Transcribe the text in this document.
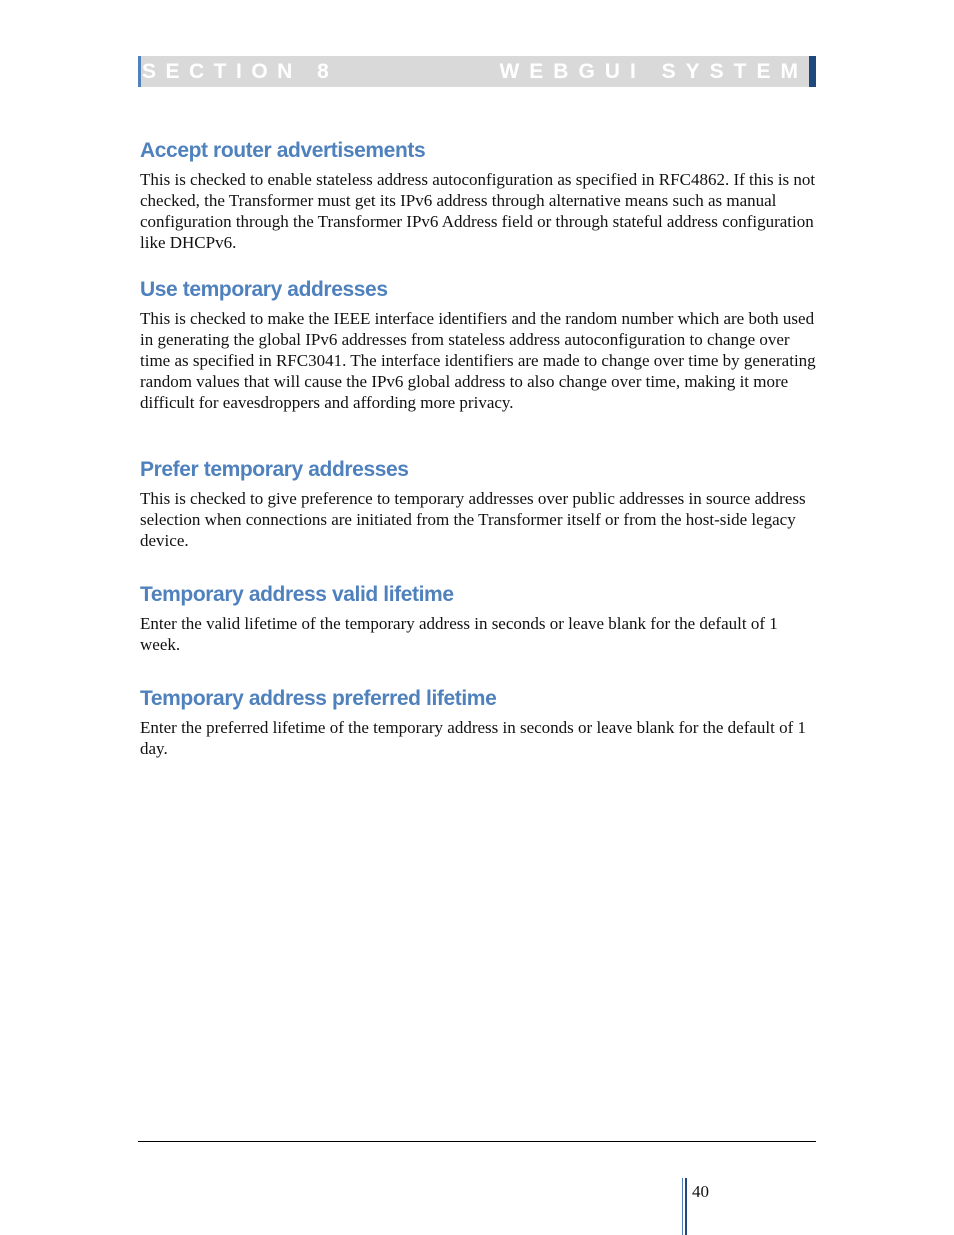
SECTION 8	WEBGUI SYSTEM
Accept router advertisements

This is checked to enable stateless address autoconfiguration as specified in RFC4862. If this is not checked, the Transformer must get its IPv6 address through alternative means such as manual configuration through the Transformer IPv6 Address field or through stateful address configuration like DHCPv6.

Use temporary addresses

This is checked to make the IEEE interface identifiers and the random number which are both used in generating the global IPv6 addresses from stateless address autoconfiguration to change over time as specified in RFC3041. The interface identifiers are made to change over time by generating random values that will cause the IPv6 global address to also change over time, making it more difficult for eavesdroppers and affording more privacy.

Prefer temporary addresses

This is checked to give preference to temporary addresses over public addresses in source address selection when connections are initiated from the Transformer itself or from the host-side legacy device.

Temporary address valid lifetime

Enter the valid lifetime of the temporary address in seconds or leave blank for the default of 1 week.

Temporary address preferred lifetime

Enter the preferred lifetime of the temporary address in seconds or leave blank for the default of 1 day.

40
